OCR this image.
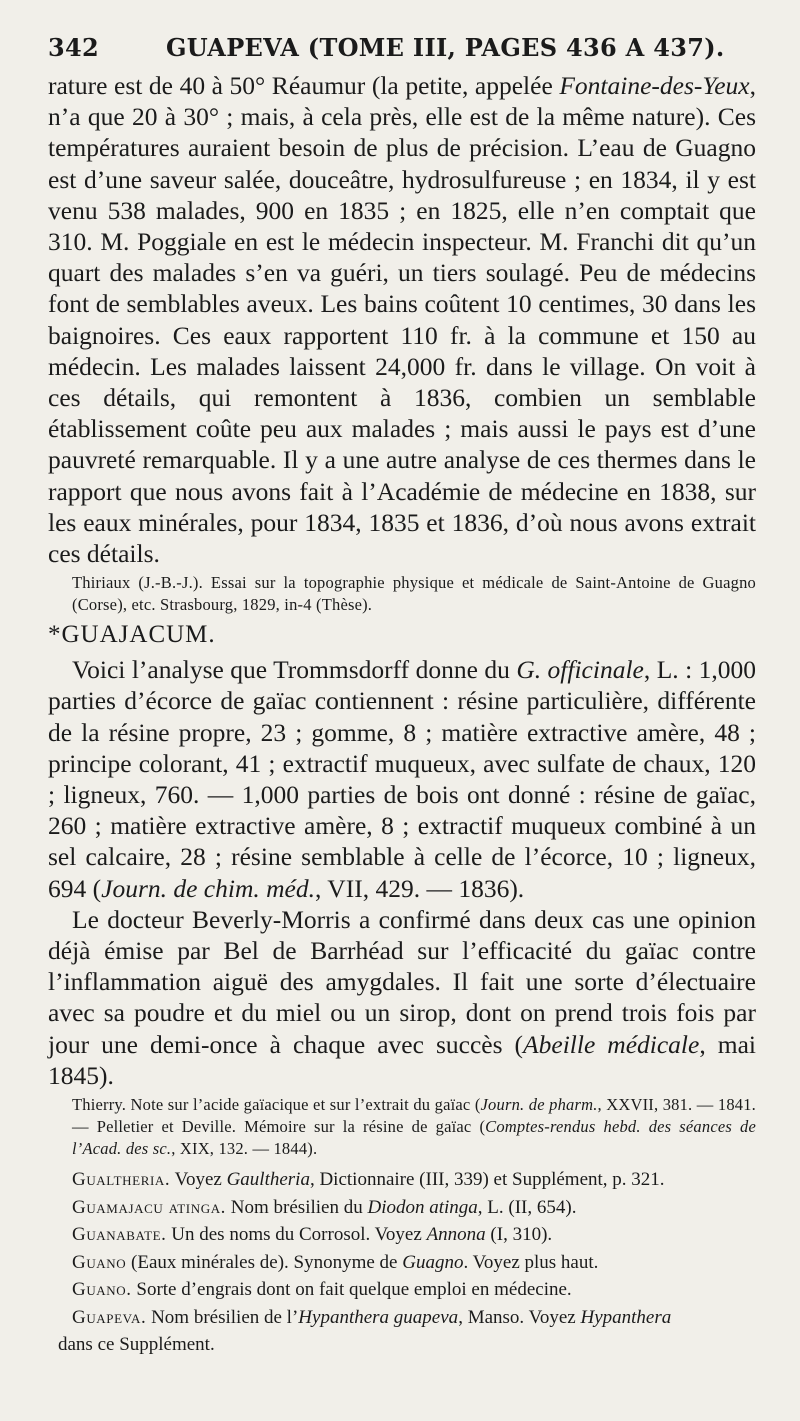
342	GUAPEVA (TOME III, PAGES 436 A 437).

rature est de 40 à 50° Réaumur (la petite, appelée Fontaine-des-Yeux, n’a que 20 à 30° ; mais, à cela près, elle est de la même nature). Ces températures auraient besoin de plus de précision. L’eau de Guagno est d’une saveur salée, douceâtre, hydrosulfureuse ; en 1834, il y est venu 538 malades, 900 en 1835 ; en 1825, elle n’en comptait que 310. M. Poggiale en est le médecin inspecteur. M. Franchi dit qu’un quart des malades s’en va guéri, un tiers soulagé. Peu de médecins font de semblables aveux. Les bains coûtent 10 centimes, 30 dans les baignoires. Ces eaux rapportent 110 fr. à la commune et 150 au médecin. Les malades laissent 24,000 fr. dans le village. On voit à ces détails, qui remontent à 1836, combien un semblable établissement coûte peu aux malades ; mais aussi le pays est d’une pauvreté remarquable. Il y a une autre analyse de ces thermes dans le rapport que nous avons fait à l’Académie de médecine en 1838, sur les eaux minérales, pour 1834, 1835 et 1836, d’où nous avons extrait ces détails.

Thiriaux (J.-B.-J.). Essai sur la topographie physique et médicale de Saint-Antoine de Guagno (Corse), etc. Strasbourg, 1829, in-4 (Thèse).

*GUAJACUM.

Voici l’analyse que Trommsdorff donne du G. officinale, L. : 1,000 parties d’écorce de gaïac contiennent : résine particulière, différente de la résine propre, 23 ; gomme, 8 ; matière extractive amère, 48 ; principe colorant, 41 ; extractif muqueux, avec sulfate de chaux, 120 ; ligneux, 760. — 1,000 parties de bois ont donné : résine de gaïac, 260 ; matière extractive amère, 8 ; extractif muqueux combiné à un sel calcaire, 28 ; résine semblable à celle de l’écorce, 10 ; ligneux, 694 (Journ. de chim. méd., VII, 429. — 1836).

Le docteur Beverly-Morris a confirmé dans deux cas une opinion déjà émise par Bel de Barrhéad sur l’efficacité du gaïac contre l’inflammation aiguë des amygdales. Il fait une sorte d’électuaire avec sa poudre et du miel ou un sirop, dont on prend trois fois par jour une demi-once à chaque avec succès (Abeille médicale, mai 1845).

Thierry. Note sur l’acide gaïacique et sur l’extrait du gaïac (Journ. de pharm., XXVII, 381. — 1841. — Pelletier et Deville. Mémoire sur la résine de gaïac (Comptes-rendus hebd. des séances de l’Acad. des sc., XIX, 132. — 1844).

Gualtheria. Voyez Gaultheria, Dictionnaire (III, 339) et Supplément, p. 321.

Guamajacu atinga. Nom brésilien du Diodon atinga, L. (II, 654).

Guanabate. Un des noms du Corrosol. Voyez Annona (I, 310).

Guano (Eaux minérales de). Synonyme de Guagno. Voyez plus haut.

Guano. Sorte d’engrais dont on fait quelque emploi en médecine.

Guapeva. Nom brésilien de l’Hypanthera guapeva, Manso. Voyez Hypanthera

dans ce Supplément.
